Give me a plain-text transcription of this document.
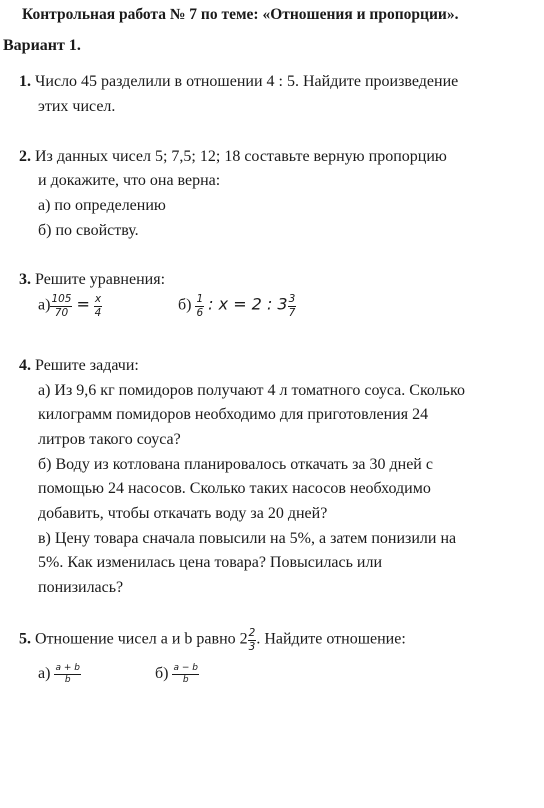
Контрольная работа № 7 по теме: «Отношения и пропорции».
Вариант 1.
1. Число 45 разделили в отношении 4 : 5. Найдите произведение
этих чисел.
2. Из данных чисел 5; 7,5; 12; 18 составьте верную пропорцию
и докажите, что она верна:
а) по определению
б) по свойству.
3. Решите уравнения:
$а) \frac{105}{70} = \frac{x}{4}$	$б) \frac{1}{6}$ : x = 2 : $3 \frac{3}{7}$
4. Решите задачи:
а) Из 9,6 кг помидоров получают 4 л томатного соуса. Сколько
килограмм помидоров необходимо для приготовления 24
литров такого соуса?
б) Воду из котлована планировалось откачать за 30 дней с
помощью 24 насосов. Сколько таких насосов необходимо
добавить, чтобы откачать воду за 20 дней?
в) Цену товара сначала повысили на 5%, а затем понизили на
5%. Как изменилась цена товара? Повысилась или
понизилась?
5. Отношение чисел a и b равно $2 \frac{2}{3}$ . Найдите отношение:
$а) \frac{a + b}{b}$	$б) \frac{a - b}{b}$
